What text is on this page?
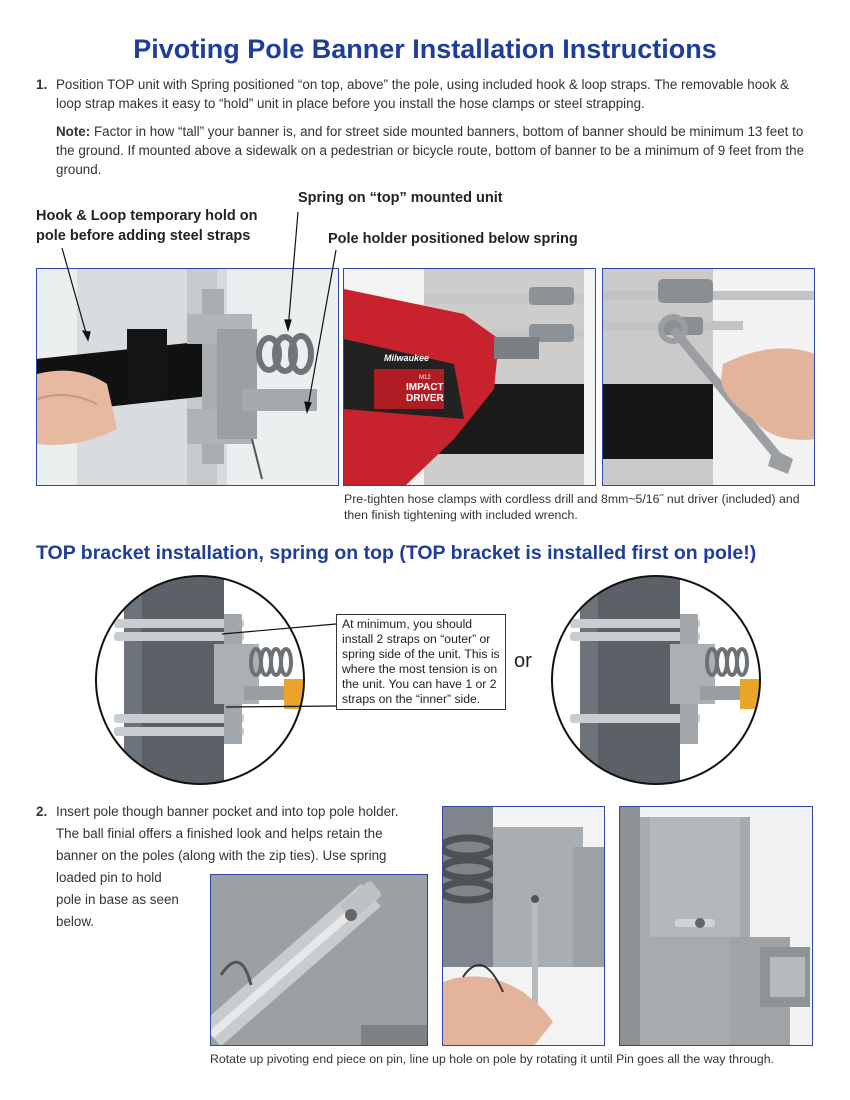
Pivoting Pole Banner Installation Instructions
1. Position TOP unit with Spring positioned “on top, above” the pole, using included hook & loop straps. The removable hook & loop strap makes it easy to “hold” unit in place before you install the hose clamps or steel strapping.
Note: Factor in how “tall” your banner is, and for street side mounted banners, bottom of banner should be minimum 13 feet to the ground. If mounted above a sidewalk on a pedestrian or bicycle route, bottom of banner to be a minimum of 9 feet from the ground.
Hook & Loop temporary hold on pole before adding steel straps
Spring on “top” mounted unit
Pole holder positioned below spring
Milwaukee
M12
IMPACT
DRIVER
Pre-tighten hose clamps with cordless drill and 8mm~5/16˝ nut driver (included) and then finish tightening with included wrench.
TOP bracket installation, spring on top (TOP bracket is installed first on pole!)
At minimum, you should install 2 straps on “outer” or spring side of the unit. This is where the most tension is on the unit. You can have 1 or 2 straps on the “inner” side.
or
2. Insert pole though banner pocket and into top pole holder.
The ball finial offers a finished look and helps retain the
banner on the poles (along with the zip ties). Use spring
loaded pin to hold
pole in base as seen
below.
Rotate up pivoting end piece on pin, line up hole on pole by rotating it until Pin goes all the way through.
